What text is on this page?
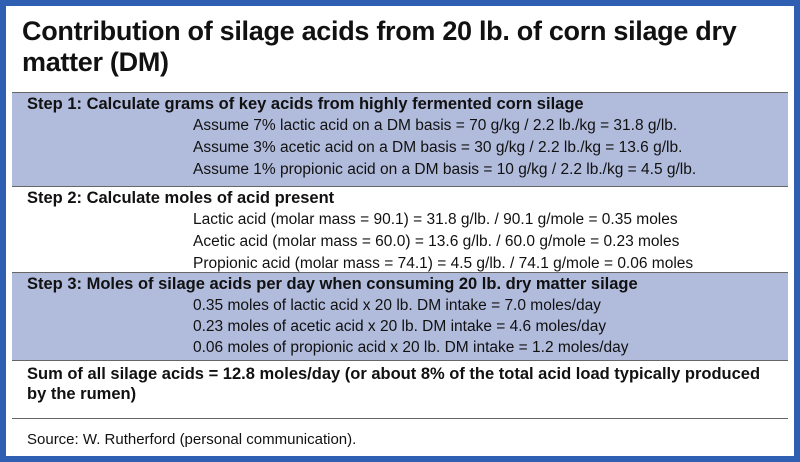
Contribution of silage acids from 20 lb. of corn silage dry matter (DM)
Step 1: Calculate grams of key acids from highly fermented corn silage
Assume 7% lactic acid on a DM basis = 70 g/kg / 2.2 lb./kg = 31.8 g/lb.
Assume 3% acetic acid on a DM basis = 30 g/kg / 2.2 lb./kg = 13.6 g/lb.
Assume 1% propionic acid on a DM basis = 10 g/kg / 2.2 lb./kg = 4.5 g/lb.
Step 2: Calculate moles of acid present
Lactic acid (molar mass = 90.1) = 31.8 g/lb. / 90.1 g/mole = 0.35 moles
Acetic acid (molar mass = 60.0) = 13.6 g/lb. / 60.0 g/mole = 0.23 moles
Propionic acid (molar mass = 74.1) = 4.5 g/lb. / 74.1 g/mole = 0.06 moles
Step 3: Moles of silage acids per day when consuming 20 lb. dry matter silage
0.35 moles of lactic acid x 20 lb. DM intake = 7.0 moles/day
0.23 moles of acetic acid x 20 lb. DM intake = 4.6 moles/day
0.06 moles of propionic acid x 20 lb. DM intake = 1.2 moles/day
Sum of all silage acids = 12.8 moles/day (or about 8% of the total acid load typically produced by the rumen)
Source: W. Rutherford (personal communication).
